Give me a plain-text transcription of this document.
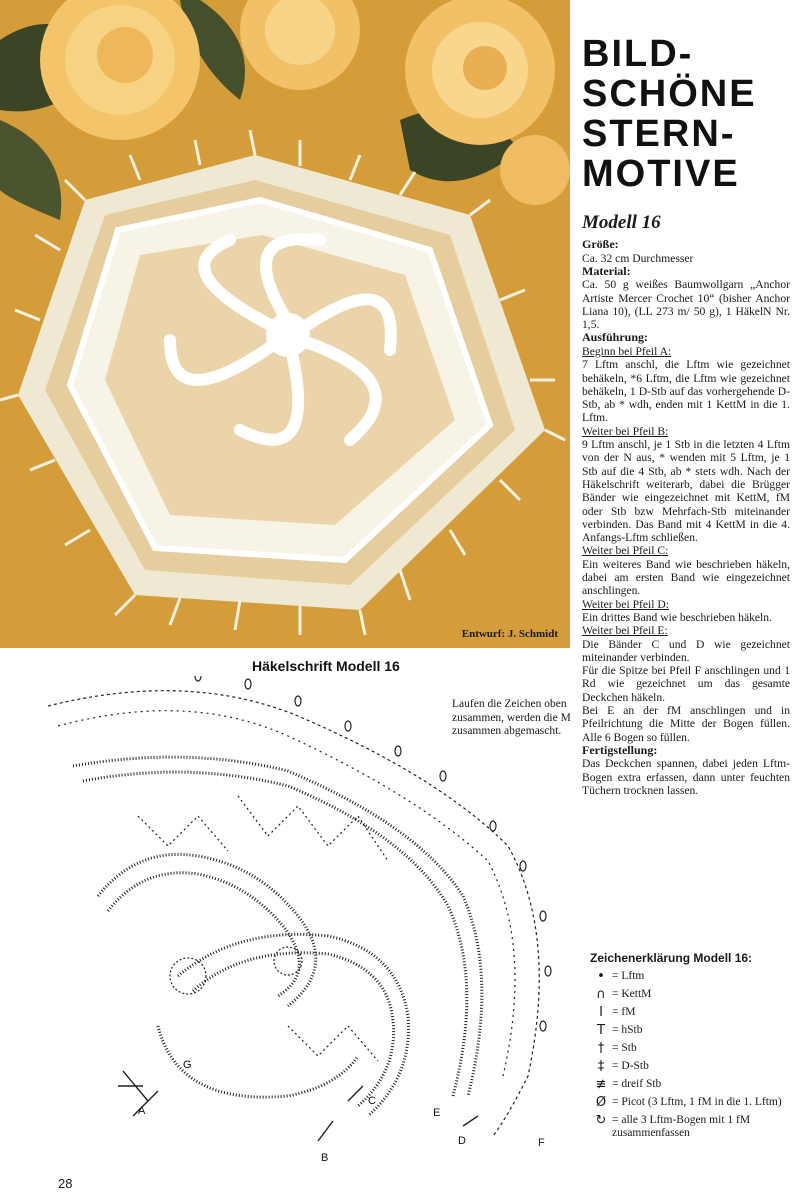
Entwurf: J. Schmidt
BILD-
SCHÖNE
STERN-
MOTIVE
Modell 16
Größe:

Ca. 32 cm Durchmesser

Material:

Ca. 50 g weißes Baumwollgarn „Anchor Artiste Mercer Crochet 10“ (bisher Anchor Liana 10), (LL 273 m/ 50 g), 1 HäkelN Nr. 1,5.

Ausführung:
Beginn bei Pfeil A:

7 Lftm anschl, die Lftm wie gezeichnet behäkeln, *6 Lftm, die Lftm wie gezeichnet behäkeln, 1 D-Stb auf das vorhergehende D-Stb, ab * wdh, enden mit 1 KettM in die 1. Lftm.

Weiter bei Pfeil B:

9 Lftm anschl, je 1 Stb in die letzten 4 Lftm von der N aus, * wenden mit 5 Lftm, je 1 Stb auf die 4 Stb, ab * stets wdh. Nach der Häkelschrift weiterarb, dabei die Brügger Bänder wie eingezeichnet mit KettM, fM oder Stb bzw Mehrfach-Stb miteinander verbinden. Das Band mit 4 KettM in die 4. Anfangs-Lftm schließen.

Weiter bei Pfeil C:

Ein weiteres Band wie beschrieben häkeln, dabei am ersten Band wie eingezeichnet anschlingen.

Weiter bei Pfeil D:

Ein drittes Band wie beschrieben häkeln.

Weiter bei Pfeil E:

Die Bänder C und D wie gezeichnet miteinander verbinden.

Für die Spitze bei Pfeil F anschlingen und 1 Rd wie gezeichnet um das gesamte Deckchen häkeln.

Bei E an der fM anschlingen und in Pfeilrichtung die Mitte der Bogen füllen. Alle 6 Bogen so füllen.

Fertigstellung:

Das Deckchen spannen, dabei jeden Lftm-Bogen extra erfassen, dann unter feuchten Tüchern trocknen lassen.

Häkelschrift Modell 16
Laufen die Zeichen oben zusammen, werden die M zusammen abgemascht.
A
B
C
D
E
F
G
Zeichenerklärung Modell 16:
• = Lftm
∩ = KettM
I = fM
T = hStb
† = Stb
‡ = D-Stb
≢ = dreif Stb
Ø = Picot (3 Lftm, 1 fM in die 1. Lftm)
↻ = alle 3 Lftm-Bogen mit 1 fM zusammenfassen
28
